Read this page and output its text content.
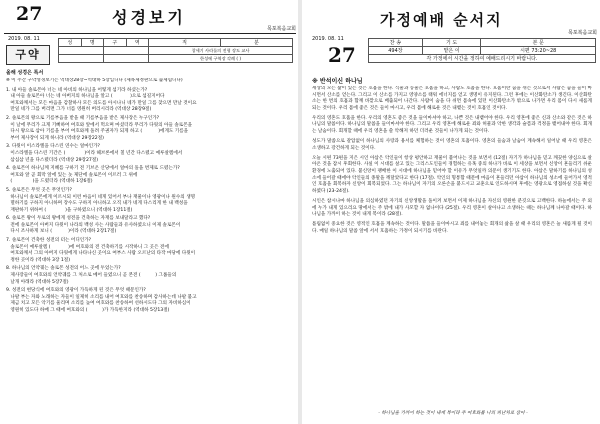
27	성경보기
목포복음교회
2019. 08. 11
구약
성	명	구	역	직	분
				창세기 사라를의 전형 장도 교사	
				한성에 구역장 각례 ( )	
올해 성경은 특서
※ 이 주간 구약성경보기는 역대상28장~역대하 5장입니다 (제목제정판으로 출제됨니다)
1. 내 아들 솔로몬아 너는 네 아비의 하나님을 어떻게 섬기라 하셨는가?
내 아들 솔로몬아 너는 네 아버지의 하나님을 알고 (            )으로 섬길지어다
여호와께서는 모든 마음을 감찰하사 모든 의도를 아시나니 네가 만일 그를 찾으면 만날 것이요
만일 네가 그를 버리면 그가 너를 영원히 버리시리라 (역대상 28장9절)
2. 솔로몬의 왕으로 기름부음을 받을 때 기름부음을 받은 제사장은 누구인가?
이 날에 무리가 크게 기뻐하여 여호와 앞에서 먹으며 마셨더라 무리가 다윗의 아들 솔로몬을
다시 왕으로 삼아 기름을 부어 여호와께 돌려 주권자가 되게 하고 (           )에게도 기름을
부어 제사장이 되게 하니라 (역대상 29장22절)
3. 다윗이 이스라엘을 다스린 연수는 얼마인가?
이스라엘을 다스린 기간은 (             )이라 헤브론에서 칠 년간 다스렸고 예루살렘에서
삼십삼 년을 다스렸더라 (역대상 29장27절)
4. 솔로몬이 하나님께 지혜를 구하기 전 기브온 산당에서 얼마의 돌을 번제로 드렸는가?
여호와 앞 곧 회막 앞에 있는 놋 제단에 솔로몬이 이르러 그 위에
(              )을 드렸더라 (역대하 1장6절)
5. 솔로몬은 무엇 곳은 무엇인가?
하나님이 솔로몬에게 이르시되 이런 마음이 네게 있어서 부나 재물이나 영광이나 원수의 생명
멸하기를 구하지 아니하며 장수도 구하지 아니하고 오직 내가 네게 다스리게 한 내 백성을
재판하기 위하여 (             )을 구하였으니 (역대하 1장11절)
6. 솔로몬 왕이 두로의 왕에게 성전을 건축하는 자재를 보내달라고 했다?
전에 솔로몬이 아버지 다윗이 나라의 백성 사는 사람들과 유사하였으니 이제 솔로몬이
다시 조사하게 보니 (           )이라 (역대하 2장17절)
7. 솔로몬이 건축한 성전의 터는 어디인가?
솔로몬이 예루살렘 (            )에 여호와의 전 건축하기를 시작하니 그 곳은 전에
여호와께서 그의 아버지 다윗에게 나타나신 곳이요 여부스 사람 오르난의 타작 마당에 다윗이
정한 곳이라 (역대하 3장 1절)
8. 하나님의 언약궤는 솔로몬 성전의 어느 곳에 두었는가?
제사장들이 여호와의 언약궤를 그 처소로 메어 들였으니 곧 본전 (          ) 그룹들의
날개 아래라 (역대하 5장7절)
9. 성전의 현당식에 여호와의 영광이 가득하게 된 것은 무엇 때문인가?
나팔 부는 자와 노래하는 자들이 일제히 소리를 내어 여호와를 찬송하며 감사하는데 나팔 불고
제금 치고 모든 악기를 울리며 소리를 높여 여호와를 찬송하여 선하시도다 그의 자비하심이
영원히 있도다 하매 그 때에 여호와의 (          )가 가득한지라 (역대하 5장13절)
가정예배 순서지
목포복음교회
2019. 08. 11
27	찬 송	기 도	본 문
494장	맡은 이	시편 73:20~28
각 가정에서 시간을 정하여 예배드리시기 바랍니다.		
※ 반석이신 하나님

세상의 모든 삶이 있는 것은 호흡을 한다. 식물과 동물은 호흡을 하고, 사람도 호흡을 한다. 호흡이란 숨을 쉬는 것으로서 사람은 숨을 들이 마시면서 산소를 얻는다. 그리고 이 산소를 가지고 영양소를 태워 에너지를 얻고 생명이 유지된다. 그런 후에는 이산화탄소가 생긴다. 이산화탄소는 한 번의 호흡과 함께 바깥으로 배출되어 나간다. 사람이 숨을 다 쉬면 몸속에 있던 이산화탄소가 밖으로 나가면 우리 몸이 다시 새롭게 되는 것이다. 우리 몸에 좋은 것은 들이 마시고, 우리 몸에 해로운 것은 내뱉는 것이 호흡인 것이다.

우리의 영혼도 호흡을 한다. 우리의 영혼도 좋은 것을 들이마셔야 하고, 나쁜 것은 내뱉어야 한다. 우리 영혼에 좋은 신과 산소와 같은 것은 하나님의 말씀이다. 하나님의 말씀을 들이마셔야 한다. 그리고 우리 영혼에 해로운 죄와 허물과 악한 생각과 슬픔과 걱정을 뱉어내야 한다. 회개는 날숨이다. 회개할 때에 우리 영혼을 쓸 악해져 하던 더러운 것들이 나가게 되는 것이다.

성도가 말씀으로 갈압없이 하나님의 사랑과 용서를 체험하는 것이 영혼의 호흡이다. 영혼의 들숨과 날숨이 계속해서 일어날 때 우리 영혼은 소생하고 강건하게 되는 것이다.

오늘 시편 73편을 지은 시인 아삽은 악인들이 항상 평안하고 재물이 불어나는 것을 보면서 (12절) 자기가 하나님을 믿고 깨끗한 양심으로 살아온 것을 잠시 후회한다. 사실 이 시대를 살고 있는 그리스도인들이 경험하는 유혹 중의 하나가 바로 이 세상을 보면서 신앙이 흔들리기 쉬운 환경에 노출되어 있다. 불신앙이 팽배한 이 시대에 하나님을 믿어야 할 이유가 무엇일까 의문이 생기기도 한다. 아삽은 말하기를 하나님의 성소에 들어갈 때에야 악인들의 종말을 깨달았다고 한다 (17절). 악인의 형통함 때문에 마음이 흔들리던 아삽이 하나님의 성소에 들어가서 영적인 호흡을 회복하자 신앙이 회복되었다. 그는 하나님이 자기의 오른손을 붙드시고 교훈으로 인도하시며 후에는 영광으로 영접하실 것을 확신하였다 (23-24절).

시인은 참시나마 하나님을 의심하였던 자기의 신앙생활을 돌이켜 보면서 이제 하나님을 자신의 영원한 분깃으로 고백한다. 하늘에서는 주 외에 누가 내게 있으리요 땅에서는 주 밖에 내가 사모할 자 없나이다 (25절). 우리 영혼이 살아나고 소생하는 때는 하나님께 나아갈 때이다. 하나님을 가까이 하는 것이 내게 복이라 (28절).

틀림없이 중요한 것은 영적인 호흡을 계속하는 것이다. 말씀을 들이마시고 죄를 내어놓는 회개의 삶을 살 때 우리의 영혼은 늘 새롭게 될 것이다. 매일 하나님의 말씀 앞에 서서 호흡하는 가정이 되시기를 바란다.

- 하나님을 가까이 하는 것이 내게 복이라 주 여호와를 나의 피난처로 삼아 -
